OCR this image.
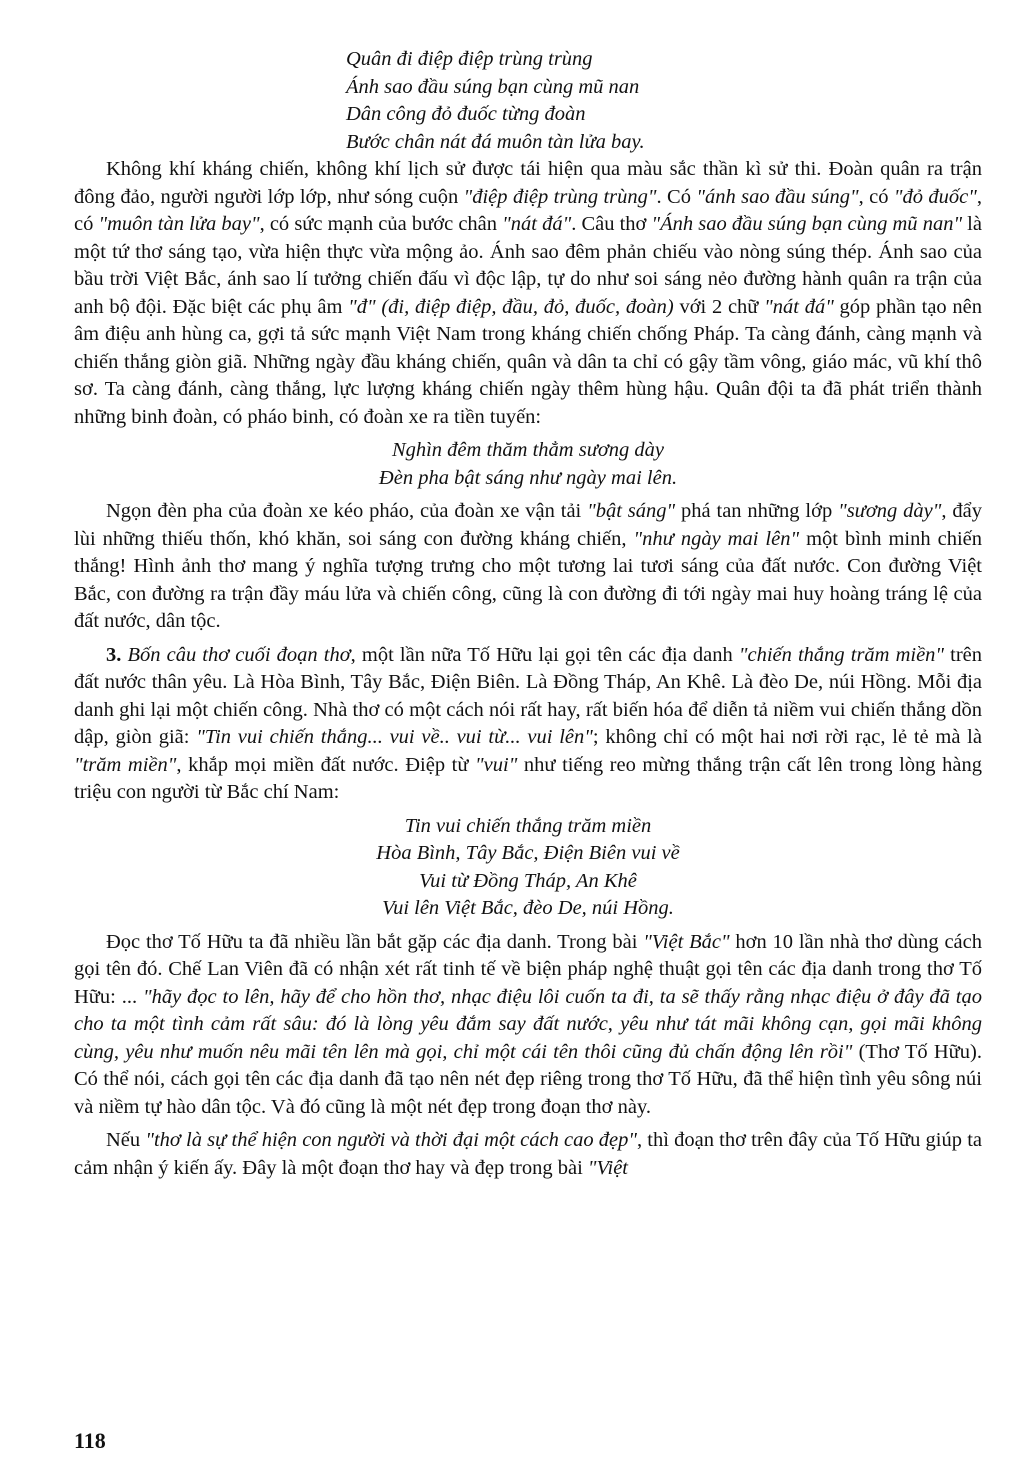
Quân đi điệp điệp trùng trùng
Ánh sao đầu súng bạn cùng mũ nan
Dân công đỏ đuốc từng đoàn
Bước chân nát đá muôn tàn lửa bay.

Không khí kháng chiến, không khí lịch sử được tái hiện qua màu sắc thần kì sử thi. Đoàn quân ra trận đông đảo, người người lớp lớp, như sóng cuộn "điệp điệp trùng trùng". Có "ánh sao đầu súng", có "đỏ đuốc", có "muôn tàn lửa bay", có sức mạnh của bước chân "nát đá". Câu thơ "Ánh sao đầu súng bạn cùng mũ nan" là một tứ thơ sáng tạo, vừa hiện thực vừa mộng ảo. Ánh sao đêm phản chiếu vào nòng súng thép. Ánh sao của bầu trời Việt Bắc, ánh sao lí tưởng chiến đấu vì độc lập, tự do như soi sáng nẻo đường hành quân ra trận của anh bộ đội. Đặc biệt các phụ âm "đ" (đi, điệp điệp, đầu, đỏ, đuốc, đoàn) với 2 chữ "nát đá" góp phần tạo nên âm điệu anh hùng ca, gợi tả sức mạnh Việt Nam trong kháng chiến chống Pháp. Ta càng đánh, càng mạnh và chiến thắng giòn giã. Những ngày đầu kháng chiến, quân và dân ta chỉ có gậy tầm vông, giáo mác, vũ khí thô sơ. Ta càng đánh, càng thắng, lực lượng kháng chiến ngày thêm hùng hậu. Quân đội ta đã phát triển thành những binh đoàn, có pháo binh, có đoàn xe ra tiền tuyến:

Nghìn đêm thăm thẳm sương dày
Đèn pha bật sáng như ngày mai lên.

Ngọn đèn pha của đoàn xe kéo pháo, của đoàn xe vận tải "bật sáng" phá tan những lớp "sương dày", đẩy lùi những thiếu thốn, khó khăn, soi sáng con đường kháng chiến, "như ngày mai lên" một bình minh chiến thắng! Hình ảnh thơ mang ý nghĩa tượng trưng cho một tương lai tươi sáng của đất nước. Con đường Việt Bắc, con đường ra trận đầy máu lửa và chiến công, cũng là con đường đi tới ngày mai huy hoàng tráng lệ của đất nước, dân tộc.

3. Bốn câu thơ cuối đoạn thơ, một lần nữa Tố Hữu lại gọi tên các địa danh "chiến thắng trăm miền" trên đất nước thân yêu. Là Hòa Bình, Tây Bắc, Điện Biên. Là Đồng Tháp, An Khê. Là đèo De, núi Hồng. Mỗi địa danh ghi lại một chiến công. Nhà thơ có một cách nói rất hay, rất biến hóa để diễn tả niềm vui chiến thắng dồn dập, giòn giã: "Tin vui chiến thắng... vui về.. vui từ... vui lên"; không chỉ có một hai nơi rời rạc, lẻ tẻ mà là "trăm miền", khắp mọi miền đất nước. Điệp từ "vui" như tiếng reo mừng thắng trận cất lên trong lòng hàng triệu con người từ Bắc chí Nam:

Tin vui chiến thắng trăm miền
Hòa Bình, Tây Bắc, Điện Biên vui về
Vui từ Đồng Tháp, An Khê
Vui lên Việt Bắc, đèo De, núi Hồng.

Đọc thơ Tố Hữu ta đã nhiều lần bắt gặp các địa danh. Trong bài "Việt Bắc" hơn 10 lần nhà thơ dùng cách gọi tên đó. Chế Lan Viên đã có nhận xét rất tinh tế về biện pháp nghệ thuật gọi tên các địa danh trong thơ Tố Hữu: ... "hãy đọc to lên, hãy để cho hồn thơ, nhạc điệu lôi cuốn ta đi, ta sẽ thấy rằng nhạc điệu ở đây đã tạo cho ta một tình cảm rất sâu: đó là lòng yêu đắm say đất nước, yêu như tát mãi không cạn, gọi mãi không cùng, yêu như muốn nêu mãi tên lên mà gọi, chỉ một cái tên thôi cũng đủ chấn động lên rồi" (Thơ Tố Hữu). Có thể nói, cách gọi tên các địa danh đã tạo nên nét đẹp riêng trong thơ Tố Hữu, đã thể hiện tình yêu sông núi và niềm tự hào dân tộc. Và đó cũng là một nét đẹp trong đoạn thơ này.

Nếu "thơ là sự thể hiện con người và thời đại một cách cao đẹp", thì đoạn thơ trên đây của Tố Hữu giúp ta cảm nhận ý kiến ấy. Đây là một đoạn thơ hay và đẹp trong bài "Việt

118
